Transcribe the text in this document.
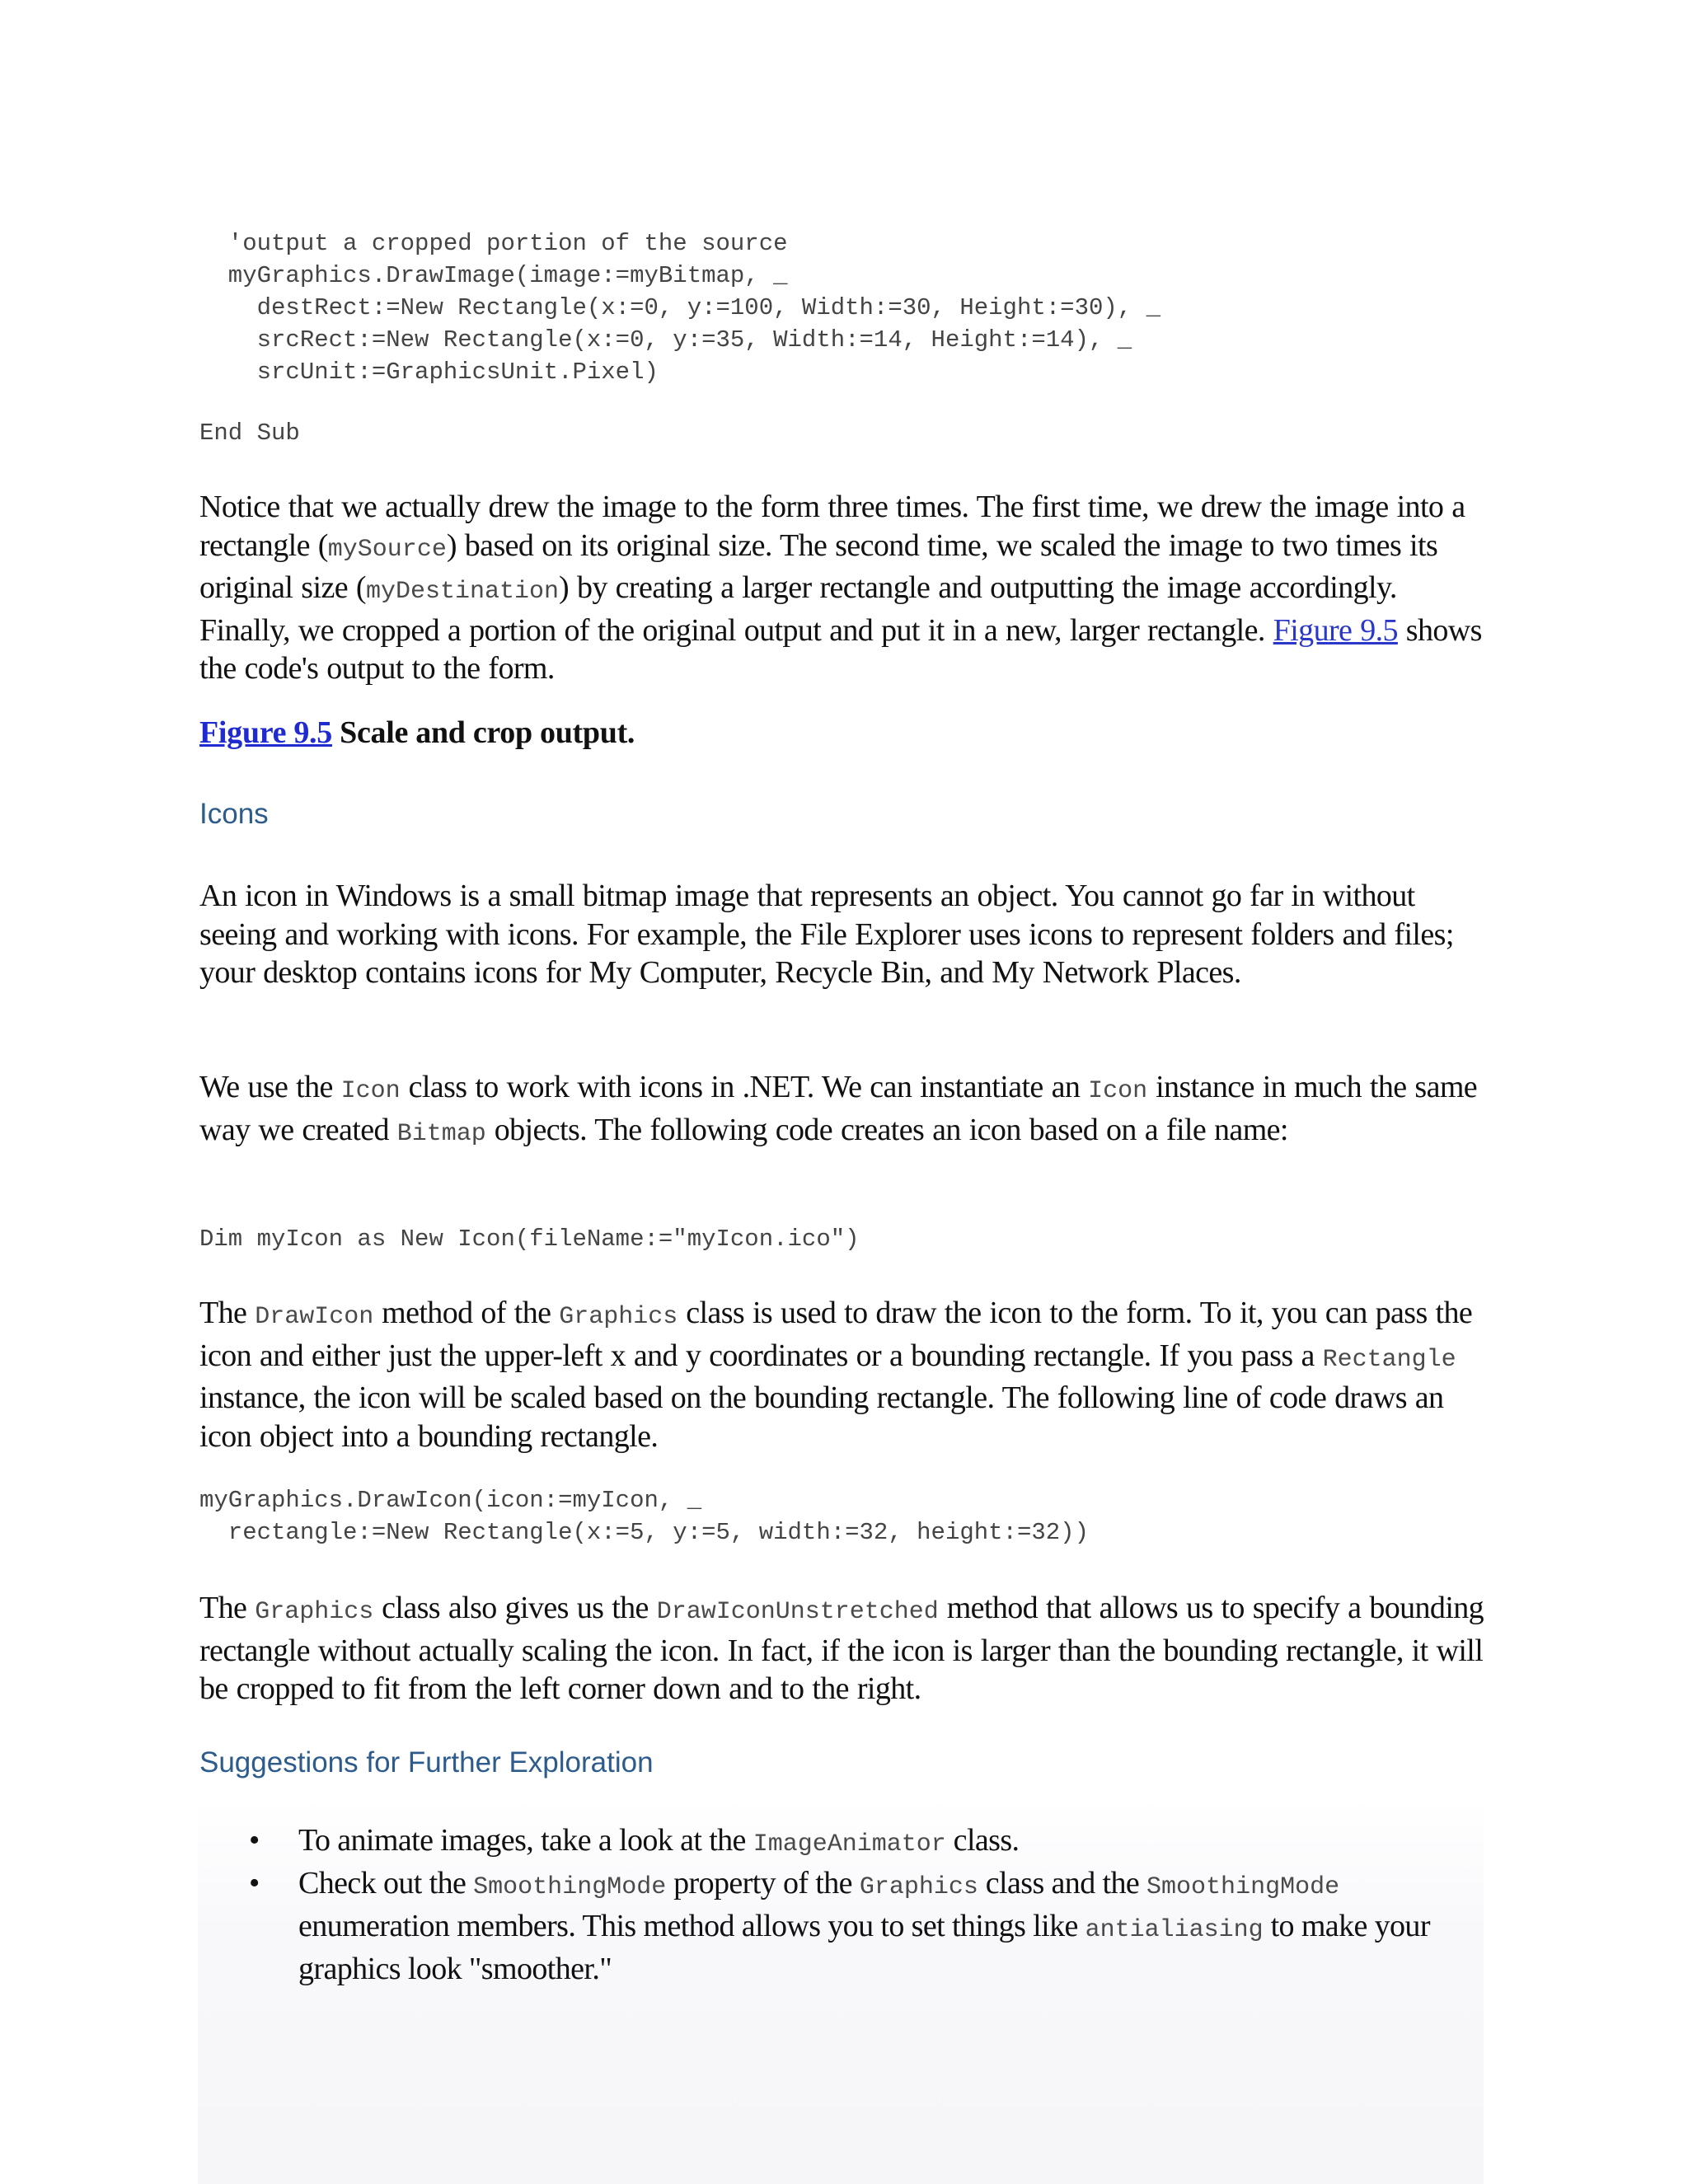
'output a cropped portion of the source
myGraphics.DrawImage(image:=myBitmap, _
destRect:=New Rectangle(x:=0, y:=100, Width:=30, Height:=30), _
srcRect:=New Rectangle(x:=0, y:=35, Width:=14, Height:=14), _
srcUnit:=GraphicsUnit.Pixel)
End Sub

Notice that we actually drew the image to the form three times. The first time, we drew the image into a rectangle (mySource) based on its original size. The second time, we scaled the image to two times its original size (myDestination) by creating a larger rectangle and outputting the image accordingly. Finally, we cropped a portion of the original output and put it in a new, larger rectangle. Figure 9.5 shows the code's output to the form.

Figure 9.5 Scale and crop output.

Icons

An icon in Windows is a small bitmap image that represents an object. You cannot go far in without seeing and working with icons. For example, the File Explorer uses icons to represent folders and files; your desktop contains icons for My Computer, Recycle Bin, and My Network Places.

We use the Icon class to work with icons in .NET. We can instantiate an Icon instance in much the same way we created Bitmap objects. The following code creates an icon based on a file name:

Dim myIcon as New Icon(fileName:="myIcon.ico")

The DrawIcon method of the Graphics class is used to draw the icon to the form. To it, you can pass the icon and either just the upper-left x and y coordinates or a bounding rectangle. If you pass a Rectangle instance, the icon will be scaled based on the bounding rectangle. The following line of code draws an icon object into a bounding rectangle.

myGraphics.DrawIcon(icon:=myIcon, _
rectangle:=New Rectangle(x:=5, y:=5, width:=32, height:=32))

The Graphics class also gives us the DrawIconUnstretched method that allows us to specify a bounding rectangle without actually scaling the icon. In fact, if the icon is larger than the bounding rectangle, it will be cropped to fit from the left corner down and to the right.

Suggestions for Further Exploration
• To animate images, take a look at the ImageAnimator class.
• Check out the SmoothingMode property of the Graphics class and the SmoothingMode enumeration members. This method allows you to set things like antialiasing to make your graphics look "smoother."
